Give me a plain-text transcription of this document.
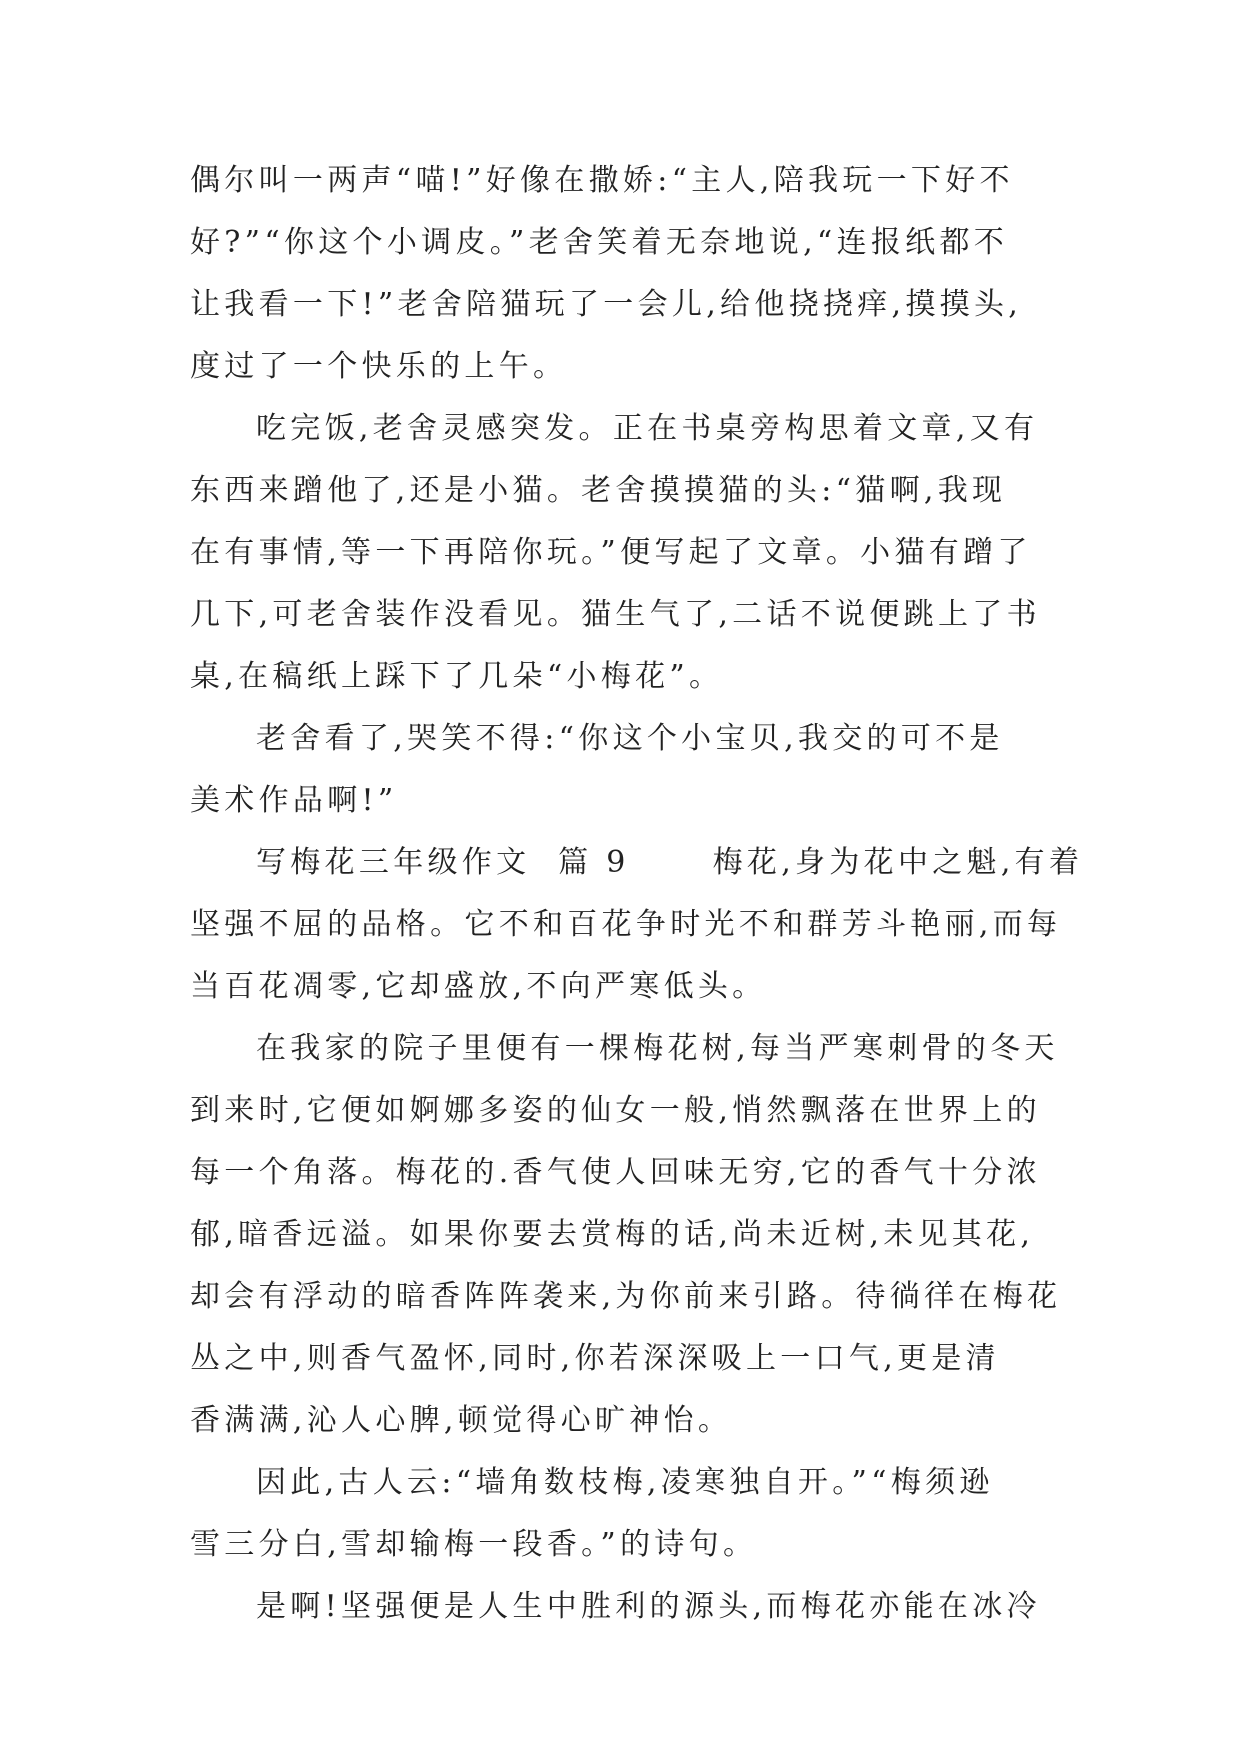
偶尔叫一两声“喵!”好像在撒娇:“主人,陪我玩一下好不

好?”“你这个小调皮。”老舍笑着无奈地说,“连报纸都不

让我看一下!”老舍陪猫玩了一会儿,给他挠挠痒,摸摸头,

度过了一个快乐的上午。

吃完饭,老舍灵感突发。正在书桌旁构思着文章,又有

东西来蹭他了,还是小猫。老舍摸摸猫的头:“猫啊,我现

在有事情,等一下再陪你玩。”便写起了文章。小猫有蹭了

几下,可老舍装作没看见。猫生气了,二话不说便跳上了书

桌,在稿纸上踩下了几朵“小梅花”。

老舍看了,哭笑不得:“你这个小宝贝,我交的可不是

美术作品啊!”

写梅花三年级作文  篇 9      梅花,身为花中之魁,有着

坚强不屈的品格。它不和百花争时光不和群芳斗艳丽,而每

当百花凋零,它却盛放,不向严寒低头。

在我家的院子里便有一棵梅花树,每当严寒刺骨的冬天

到来时,它便如婀娜多姿的仙女一般,悄然飘落在世界上的

每一个角落。梅花的.香气使人回味无穷,它的香气十分浓

郁,暗香远溢。如果你要去赏梅的话,尚未近树,未见其花,

却会有浮动的暗香阵阵袭来,为你前来引路。待徜徉在梅花

丛之中,则香气盈怀,同时,你若深深吸上一口气,更是清

香满满,沁人心脾,顿觉得心旷神怡。

因此,古人云:“墙角数枝梅,凌寒独自开。”“梅须逊

雪三分白,雪却输梅一段香。”的诗句。

是啊!坚强便是人生中胜利的源头,而梅花亦能在冰冷
